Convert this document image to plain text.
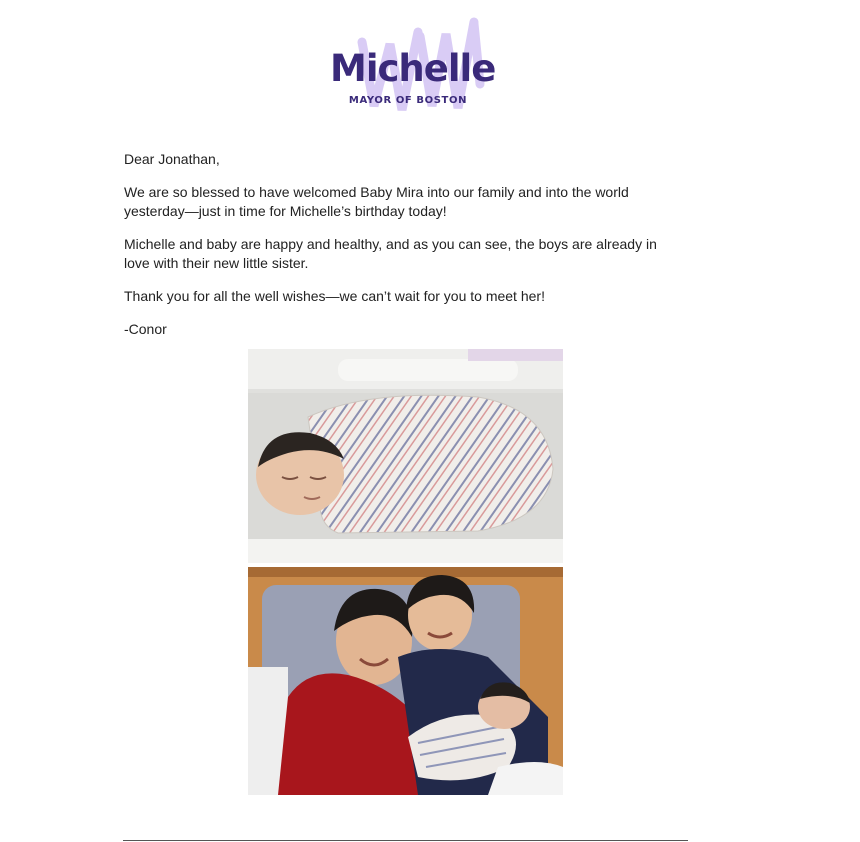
Michelle
MAYOR OF BOSTON

Dear Jonathan,

We are so blessed to have welcomed Baby Mira into our family and into the world yesterday—just in time for Michelle’s birthday today!

Michelle and baby are happy and healthy, and as you can see, the boys are already in love with their new little sister.

Thank you for all the well wishes—we can’t wait for you to meet her!

-Conor
